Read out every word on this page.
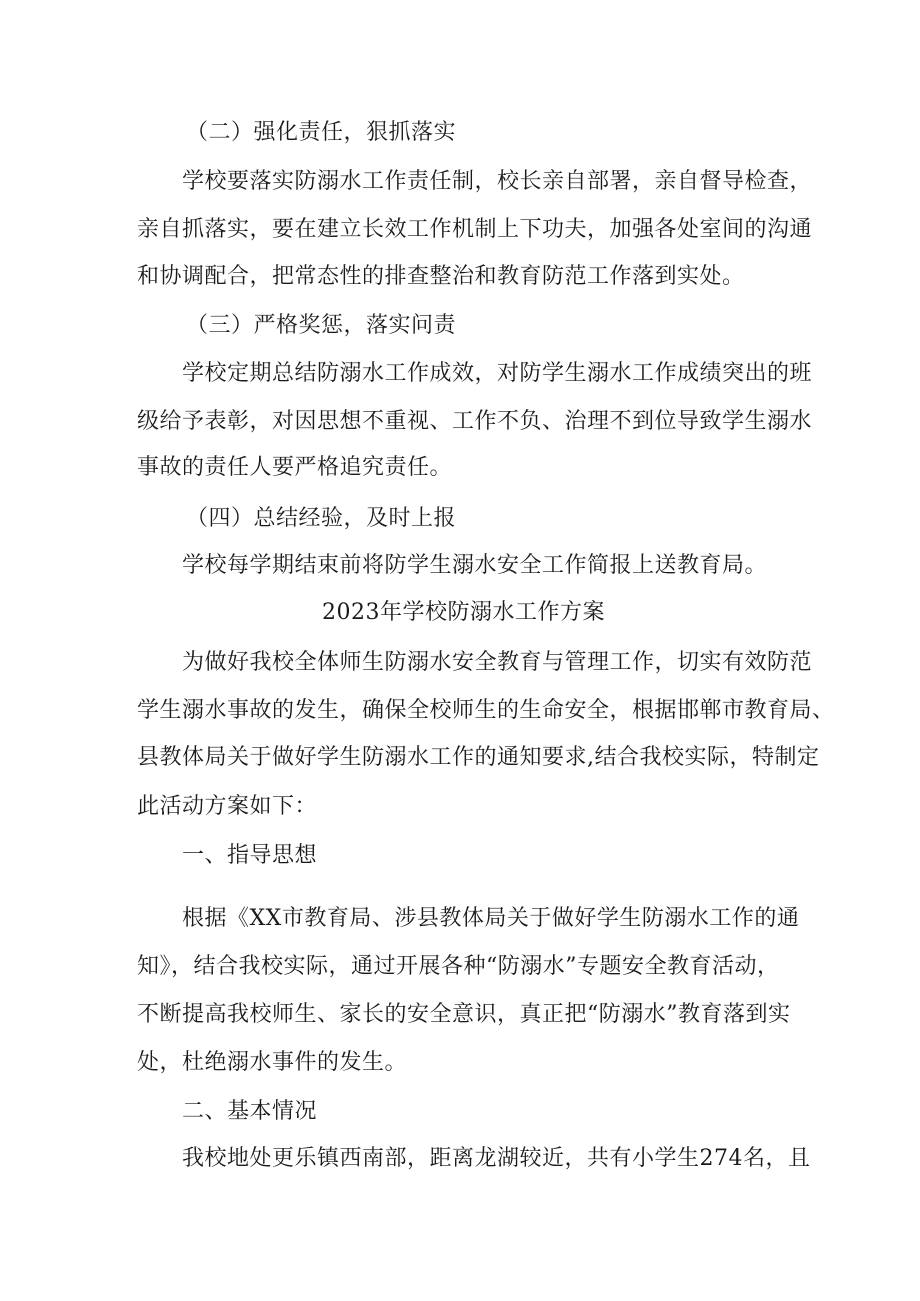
（二）强化责任，狠抓落实
学校要落实防溺水工作责任制，校长亲自部署，亲自督导检查，
亲自抓落实，要在建立长效工作机制上下功夫，加强各处室间的沟通
和协调配合，把常态性的排查整治和教育防范工作落到实处。
（三）严格奖惩，落实问责
学校定期总结防溺水工作成效，对防学生溺水工作成绩突出的班
级给予表彰，对因思想不重视、工作不负、治理不到位导致学生溺水
事故的责任人要严格追究责任。
（四）总结经验，及时上报
学校每学期结束前将防学生溺水安全工作简报上送教育局。
2023年学校防溺水工作方案
为做好我校全体师生防溺水安全教育与管理工作，切实有效防范
学生溺水事故的发生，确保全校师生的生命安全，根据邯郸市教育局、
县教体局关于做好学生防溺水工作的通知要求,结合我校实际，特制定
此活动方案如下：
一、指导思想
根据《XX市教育局、涉县教体局关于做好学生防溺水工作的通
知》，结合我校实际，通过开展各种“防溺水”专题安全教育活动，
不断提高我校师生、家长的安全意识，真正把“防溺水”教育落到实
处，杜绝溺水事件的发生。
二、基本情况
我校地处更乐镇西南部，距离龙湖较近，共有小学生274名，且
